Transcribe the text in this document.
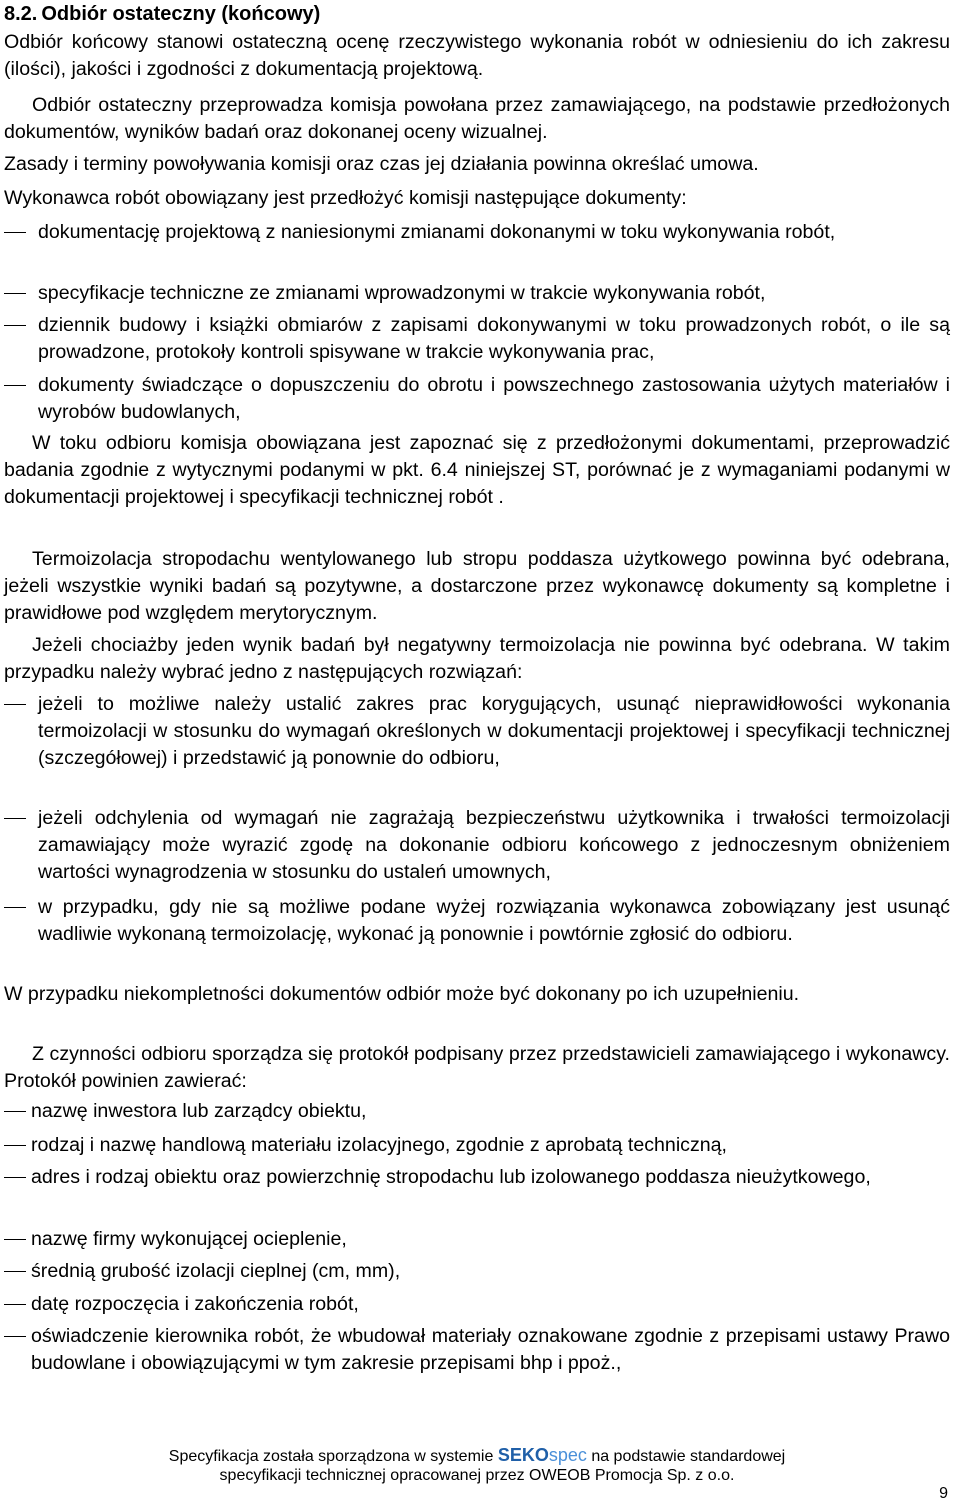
8.2. Odbiór ostateczny (końcowy)

Odbiór końcowy stanowi ostateczną ocenę rzeczywistego wykonania robót w odniesieniu do ich zakresu (ilości), jakości i zgodności z dokumentacją projektową.

Odbiór ostateczny przeprowadza komisja powołana przez zamawiającego, na podstawie przedłożonych dokumentów, wyników badań oraz dokonanej oceny wizualnej.

Zasady i terminy powoływania komisji oraz czas jej działania powinna określać umowa.

Wykonawca robót obowiązany jest przedłożyć komisji następujące dokumenty:

dokumentację projektową z naniesionymi zmianami dokonanymi w toku wykonywania robót,

specyfikacje techniczne ze zmianami wprowadzonymi w trakcie wykonywania robót,

dziennik budowy i książki obmiarów z zapisami dokonywanymi w toku prowadzonych robót, o ile są prowadzone, protokoły kontroli spisywane w trakcie wykonywania prac,

dokumenty świadczące o dopuszczeniu do obrotu i powszechnego zastosowania użytych materiałów i wyrobów budowlanych,

W toku odbioru komisja obowiązana jest zapoznać się z przedłożonymi dokumentami, przeprowadzić badania zgodnie z wytycznymi podanymi w pkt. 6.4 niniejszej ST, porównać je z wymaganiami podanymi w dokumentacji projektowej i specyfikacji technicznej robót .

Termoizolacja stropodachu wentylowanego lub stropu poddasza użytkowego powinna być odebrana, jeżeli wszystkie wyniki badań są pozytywne, a dostarczone przez wykonawcę dokumenty są kompletne i prawidłowe pod względem merytorycznym.

Jeżeli chociażby jeden wynik badań był negatywny termoizolacja nie powinna być odebrana. W takim przypadku należy wybrać jedno z następujących rozwiązań:

jeżeli to możliwe należy ustalić zakres prac korygujących, usunąć nieprawidłowości wykonania termoizolacji w stosunku do wymagań określonych w dokumentacji projektowej i specyfikacji technicznej (szczegółowej) i przedstawić ją ponownie do odbioru,

jeżeli odchylenia od wymagań nie zagrażają bezpieczeństwu użytkownika i trwałości termoizolacji zamawiający może wyrazić zgodę na dokonanie odbioru końcowego z jednoczesnym obniżeniem wartości wynagrodzenia w stosunku do ustaleń umownych,

w przypadku, gdy nie są możliwe podane wyżej rozwiązania wykonawca zobowiązany jest usunąć wadliwie wykonaną termoizolację, wykonać ją ponownie i powtórnie zgłosić do odbioru.

W przypadku niekompletności dokumentów odbiór może być dokonany po ich uzupełnieniu.

Z czynności odbioru sporządza się protokół podpisany przez przedstawicieli zamawiającego i wykonawcy. Protokół powinien zawierać:

nazwę inwestora lub zarządcy obiektu,

rodzaj i nazwę handlową materiału izolacyjnego, zgodnie z aprobatą techniczną,

adres i rodzaj obiektu oraz powierzchnię stropodachu lub izolowanego poddasza nieużytkowego,

nazwę firmy wykonującej ocieplenie,

średnią grubość izolacji cieplnej (cm, mm),

datę rozpoczęcia i zakończenia robót,

oświadczenie kierownika robót, że wbudował materiały oznakowane zgodnie z przepisami ustawy Prawo budowlane i obowiązującymi w tym zakresie przepisami bhp i ppoż.,

Specyfikacja została sporządzona w systemie SEKOspec na podstawie standardowej
specyfikacji technicznej opracowanej przez OWEOB Promocja Sp. z o.o.
9
